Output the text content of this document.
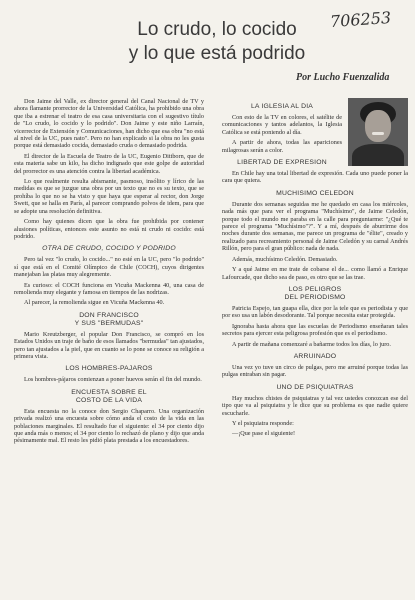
706253
Lo crudo, lo cocido
y lo que está podrido
Por Lucho Fuenzalida

Don Jaime del Valle, ex director general del Canal Nacional de TV y ahora flamante prorrector de la Universidad Católica, ha prohibido una obra que iba a estrenar el teatro de esa casa universitaria con el sugestivo título de "Lo crudo, lo cocido y lo podrido". Don Jaime y este niño Larraín, vicerrector de Extensión y Comunicaciones, han dicho que esa obra "no está al nivel de la UC, pues nato". Pero no han explicado si la obra no les gusta porque está demasiado cocida, demasiado cruda o demasiado podrida.

El director de la Escuela de Teatro de la UC, Eugenio Dittborn, que de esta materia sabe un kilo, ha dicho indignado que este golpe de autoridad del prorrector es una atención contra la libertad académica.

Lo que realmente resulta abismante, pasmoso, insólito y lírico de las medidas es que se juzgue una obra por un texto que no es su texto, que se prohíba lo que no se ha visto y que haya que esperar al rector, don Jorge Swett, que se halla en París, al parecer comprando polvos de idem, para que se adopte una resolución definitiva.

Como hay quienes dicen que la obra fue prohibida por contener alusiones políticas, entonces este asunto no está ni crudo ni cocido: está podrido.

OTRA DE CRUDO, COCIDO Y PODRIDO

Pero tal vez "lo crudo, lo cocido..." no esté en la UC, pero "lo podrido" sí que está en el Comité Olímpico de Chile (COCH), cuyos dirigentes manejaban las platas muy alegremente.

Es curioso: el COCH funciona en Vicuña Mackenna 40, una casa de remolienda muy elegante y famosa en tiempos de las nodrizas.

Al parecer, la remolienda sigue en Vicuña Mackenna 40.

DON FRANCISCO
Y SUS "BERMUDAS"

Mario Kreutzberger, el popular Don Francisco, se compró en los Estados Unidos un traje de baño de esos llamados "bermudas" tan ajustados, pero tan ajustados a la piel, que en cuanto se lo pone se conoce su religión a primera vista.

LOS HOMBRES-PAJAROS

Los hombres-pájaros comienzan a poner huevos serán el fin del mundo.

ENCUESTA SOBRE EL
COSTO DE LA VIDA

Esta encuesta no la conoce don Sergio Chaparro. Una organización privada realizó una encuesta sobre cómo anda el costo de la vida en las poblaciones marginales. El resultado fue el siguiente: el 34 por ciento dijo que anda más o menos; el 34 por ciento lo rechazó de plano y dijo que anda pésimamente mal. El resto les pidió plata prestada a los encuestadores.

LA IGLESIA AL DIA

Con esto de la TV en colores, el satélite de comunicaciones y tantos adelantos, la Iglesia Católica se está poniendo al día.

A partir de ahora, todas las apariciones milagrosas serán a color.

LIBERTAD DE EXPRESION

En Chile hay una total libertad de expresión. Cada uno puede poner la cara que quiera.

MUCHISIMO CELEDON

Durante dos semanas seguidas me he quedado en casa los miércoles, nada más que para ver el programa "Muchísimo", de Jaime Celedón, porque todo el mundo me paraba en la calle para preguntarme: "¿Qué te parece el programa "Muchísimo"?". Y a mí, después de aburrirme dos noches durante dos semanas, me parece un programa de "élite", creado y realizado para recreamiento personal de Jaime Celedón y su carnal Andrés Rillón, pero para el gran público: nada de nada.

Además, muchísimo Celedón. Demasiado.

Y a qué Jaime en me trate de cobarse el de... como llamó a Enrique Lafourcade, que dicho sea de paso, es otro que se las trae.

LOS PELIGROS
DEL PERIODISMO

Patricia Espejo, tan guapa ella, dice por la tele que es periodista y que por eso usa un labón desodorante. Tal porque necesita estar protegida.

Ignoraba hasta ahora que las escuelas de Periodismo enseñaran tales secretos para ejercer esta peligrosa profesión que es el periodismo.

A partir de mañana comenzaré a bañarme todos los días, lo juro.

ARRUINADO

Una vez yo tuve un circo de pulgas, pero me arruiné porque todas las pulgas entraban sin pagar.

UNO DE PSIQUIATRAS

Hay muchos chistes de psiquiatras y tal vez ustedes conozcan ese del tipo que va al psiquiatra y le dice que su problema es que nadie quiere escucharle.

Y el psiquiatra responde:

—¡Que pase el siguiente!
